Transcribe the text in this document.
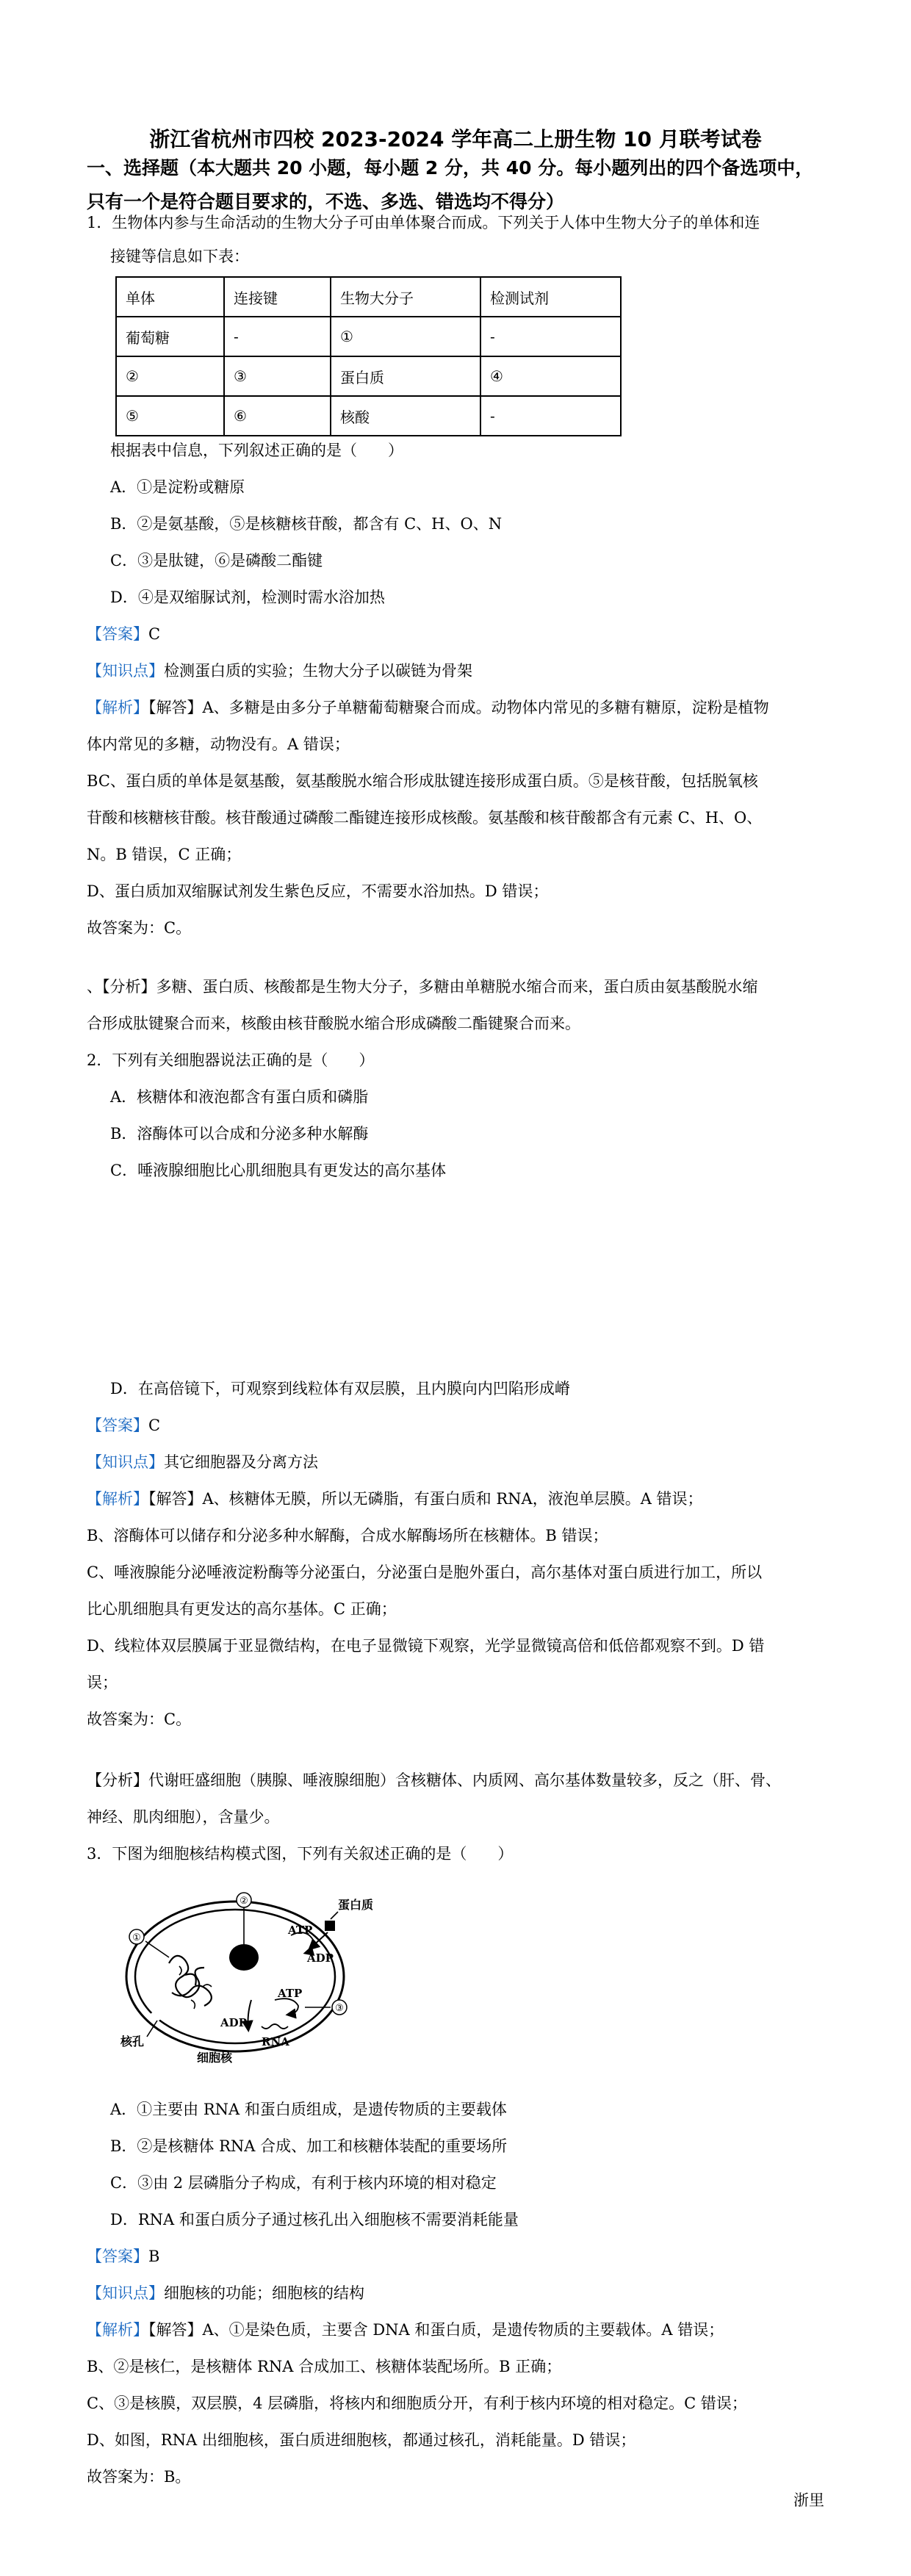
浙江省杭州市四校 2023-2024 学年高二上册生物 10 月联考试卷
一、选择题（本大题共 20 小题，每小题 2 分，共 40 分。每小题列出的四个备选项中，只有一个是符合题目要求的，不选、多选、错选均不得分）
1．生物体内参与生命活动的生物大分子可由单体聚合而成。下列关于人体中生物大分子的单体和连
接键等信息如下表：
单体	连接键	生物大分子	检测试剂
葡萄糖	-	①	-
②	③	蛋白质	④
⑤	⑥	核酸	-
根据表中信息，下列叙述正确的是（　　）
A．①是淀粉或糖原
B．②是氨基酸，⑤是核糖核苷酸，都含有 C、H、O、N
C．③是肽键，⑥是磷酸二酯键
D．④是双缩脲试剂，检测时需水浴加热
【答案】C
【知识点】检测蛋白质的实验；生物大分子以碳链为骨架
【解析】【解答】A、多糖是由多分子单糖葡萄糖聚合而成。动物体内常见的多糖有糖原，淀粉是植物
体内常见的多糖，动物没有。A 错误；
BC、蛋白质的单体是氨基酸，氨基酸脱水缩合形成肽键连接形成蛋白质。⑤是核苷酸，包括脱氧核
苷酸和核糖核苷酸。核苷酸通过磷酸二酯键连接形成核酸。氨基酸和核苷酸都含有元素 C、H、O、
N。B 错误，C 正确；
D、蛋白质加双缩脲试剂发生紫色反应，不需要水浴加热。D 错误；
故答案为：C。
、【分析】多糖、蛋白质、核酸都是生物大分子，多糖由单糖脱水缩合而来，蛋白质由氨基酸脱水缩
合形成肽键聚合而来，核酸由核苷酸脱水缩合形成磷酸二酯键聚合而来。
2．下列有关细胞器说法正确的是（　　）
A．核糖体和液泡都含有蛋白质和磷脂
B．溶酶体可以合成和分泌多种水解酶
C．唾液腺细胞比心肌细胞具有更发达的高尔基体
D．在高倍镜下，可观察到线粒体有双层膜，且内膜向内凹陷形成嵴
【答案】C
【知识点】其它细胞器及分离方法
【解析】【解答】A、核糖体无膜，所以无磷脂，有蛋白质和 RNA，液泡单层膜。A 错误；
B、溶酶体可以储存和分泌多种水解酶，合成水解酶场所在核糖体。B 错误；
C、唾液腺能分泌唾液淀粉酶等分泌蛋白，分泌蛋白是胞外蛋白，高尔基体对蛋白质进行加工，所以
比心肌细胞具有更发达的高尔基体。C 正确；
D、线粒体双层膜属于亚显微结构，在电子显微镜下观察，光学显微镜高倍和低倍都观察不到。D 错
误；
故答案为：C。
【分析】代谢旺盛细胞（胰腺、唾液腺细胞）含核糖体、内质网、高尔基体数量较多，反之（肝、骨、
神经、肌肉细胞），含量少。
3．下图为细胞核结构模式图，下列有关叙述正确的是（　　）
②
①
③
蛋白质
ATP
ADP
ATP
ADP
RNA
核孔
细胞核
A．①主要由 RNA 和蛋白质组成，是遗传物质的主要载体
B．②是核糖体 RNA 合成、加工和核糖体装配的重要场所
C．③由 2 层磷脂分子构成，有利于核内环境的相对稳定
D．RNA 和蛋白质分子通过核孔出入细胞核不需要消耗能量
【答案】B
【知识点】细胞核的功能；细胞核的结构
【解析】【解答】A、①是染色质，主要含 DNA 和蛋白质，是遗传物质的主要载体。A 错误；
B、②是核仁，是核糖体 RNA 合成加工、核糖体装配场所。B 正确；
C、③是核膜，双层膜，4 层磷脂，将核内和细胞质分开，有利于核内环境的相对稳定。C 错误；
D、如图，RNA 出细胞核，蛋白质进细胞核，都通过核孔，消耗能量。D 错误；
故答案为：B。
浙里
